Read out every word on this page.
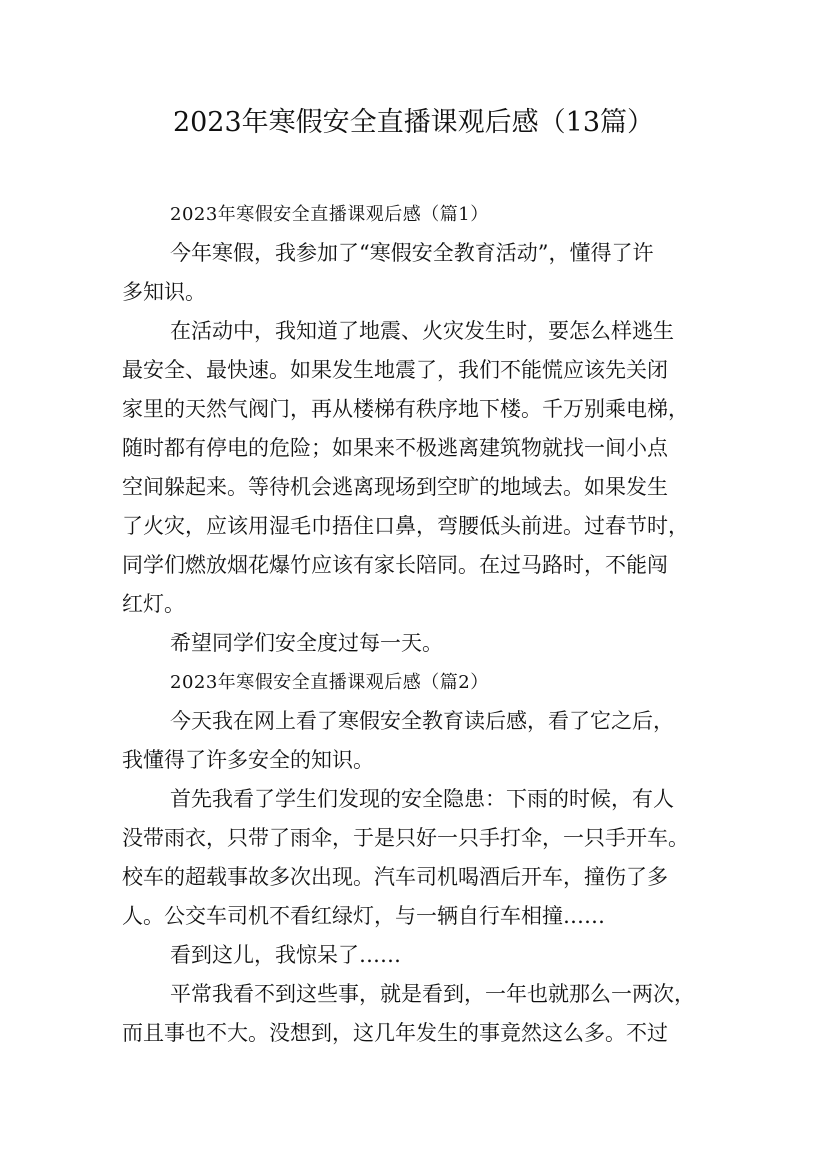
2023年寒假安全直播课观后感（13篇）

2023年寒假安全直播课观后感（篇1）

今年寒假，我参加了“寒假安全教育活动”，懂得了许

多知识。

在活动中，我知道了地震、火灾发生时，要怎么样逃生

最安全、最快速。如果发生地震了，我们不能慌应该先关闭

家里的天然气阀门，再从楼梯有秩序地下楼。千万别乘电梯，

随时都有停电的危险；如果来不极逃离建筑物就找一间小点

空间躲起来。等待机会逃离现场到空旷的地域去。如果发生

了火灾，应该用湿毛巾捂住口鼻，弯腰低头前进。过春节时，

同学们燃放烟花爆竹应该有家长陪同。在过马路时，不能闯

红灯。

希望同学们安全度过每一天。

2023年寒假安全直播课观后感（篇2）

今天我在网上看了寒假安全教育读后感，看了它之后，

我懂得了许多安全的知识。

首先我看了学生们发现的安全隐患：下雨的时候，有人

没带雨衣，只带了雨伞，于是只好一只手打伞，一只手开车。

校车的超载事故多次出现。汽车司机喝酒后开车，撞伤了多

人。公交车司机不看红绿灯，与一辆自行车相撞……

看到这儿，我惊呆了……

平常我看不到这些事，就是看到，一年也就那么一两次，

而且事也不大。没想到，这几年发生的事竟然这么多。不过
